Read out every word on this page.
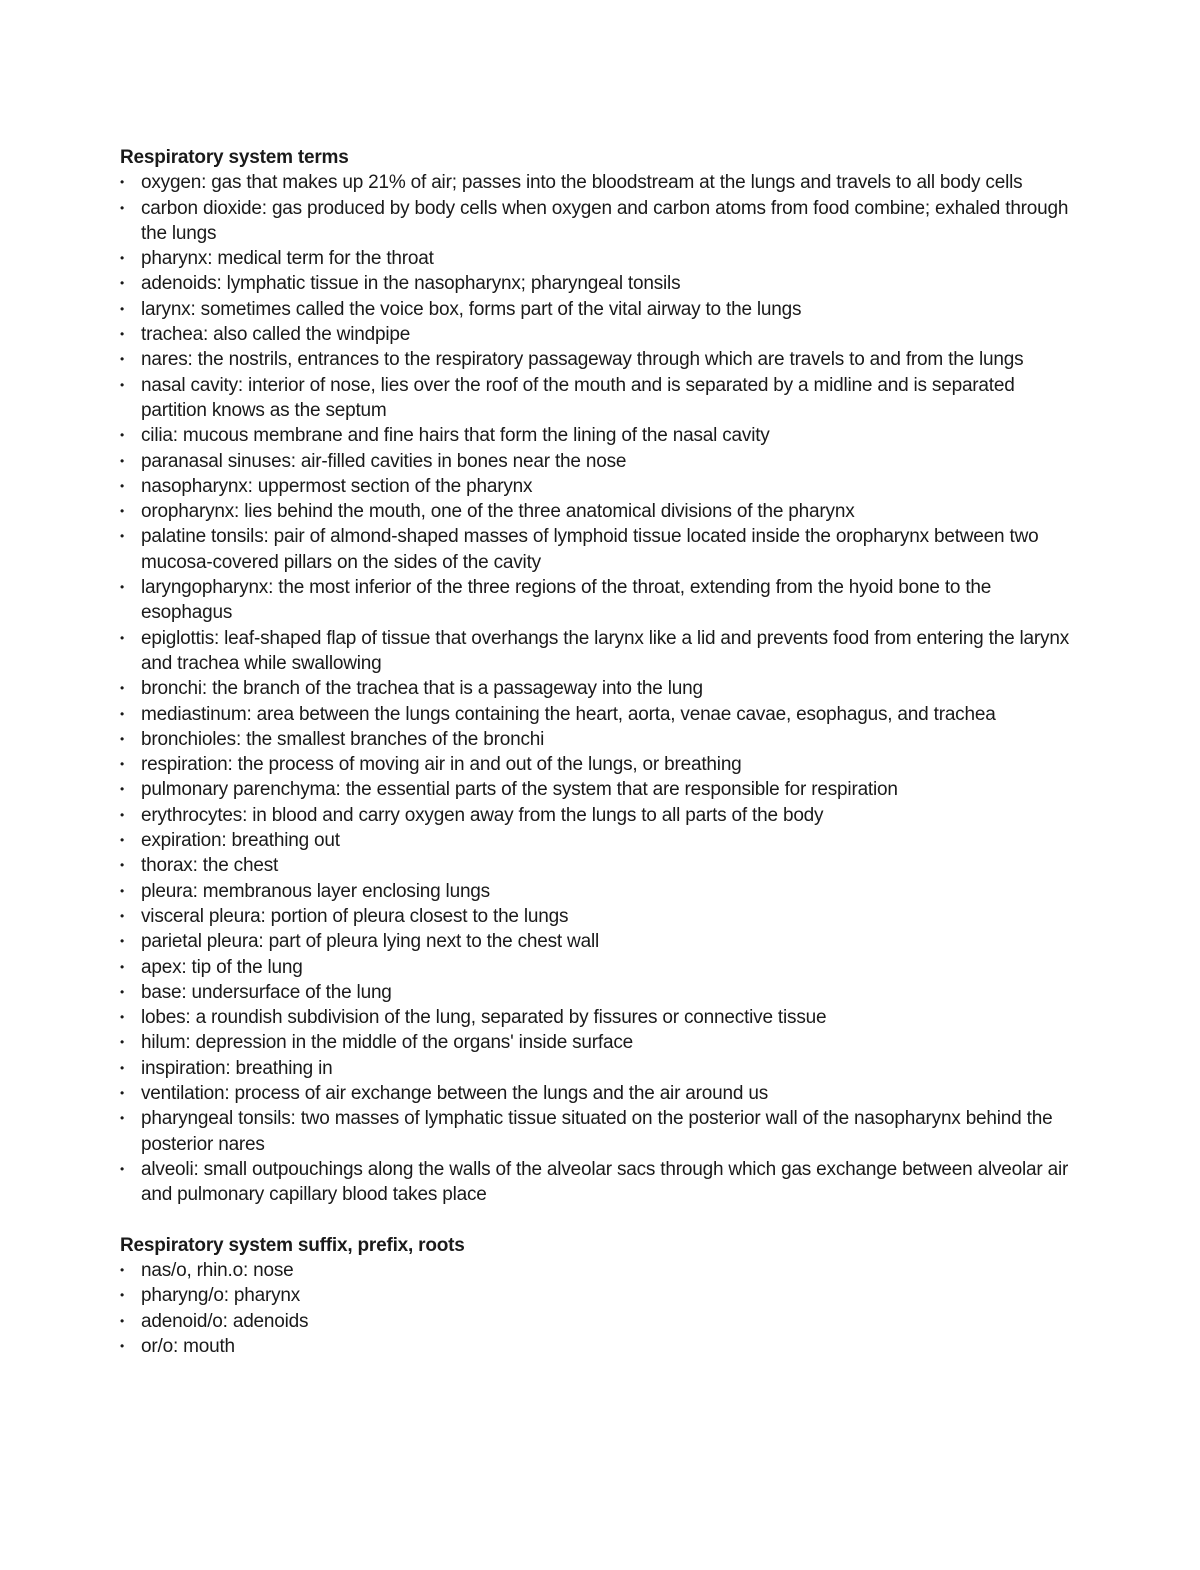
Respiratory system terms
• oxygen: gas that makes up 21% of air; passes into the bloodstream at the lungs and travels to all body cells
• carbon dioxide: gas produced by body cells when oxygen and carbon atoms from food combine; exhaled through the lungs
• pharynx: medical term for the throat
• adenoids: lymphatic tissue in the nasopharynx; pharyngeal tonsils
• larynx: sometimes called the voice box, forms part of the vital airway to the lungs
• trachea: also called the windpipe
• nares: the nostrils, entrances to the respiratory passageway through which are travels to and from the lungs
• nasal cavity: interior of nose, lies over the roof of the mouth and is separated by a midline and is separated partition knows as the septum
• cilia: mucous membrane and fine hairs that form the lining of the nasal cavity
• paranasal sinuses: air-filled cavities in bones near the nose
• nasopharynx: uppermost section of the pharynx
• oropharynx: lies behind the mouth, one of the three anatomical divisions of the pharynx
• palatine tonsils: pair of almond-shaped masses of lymphoid tissue located inside the oropharynx between two mucosa-covered pillars on the sides of the cavity
• laryngopharynx: the most inferior of the three regions of the throat, extending from the hyoid bone to the esophagus
• epiglottis: leaf-shaped flap of tissue that overhangs the larynx like a lid and prevents food from entering the larynx and trachea while swallowing
• bronchi: the branch of the trachea that is a passageway into the lung
• mediastinum: area between the lungs containing the heart, aorta, venae cavae, esophagus, and trachea
• bronchioles: the smallest branches of the bronchi
• respiration: the process of moving air in and out of the lungs, or breathing
• pulmonary parenchyma: the essential parts of the system that are responsible for respiration
• erythrocytes: in blood and carry oxygen away from the lungs to all parts of the body
• expiration: breathing out
• thorax: the chest
• pleura: membranous layer enclosing lungs
• visceral pleura: portion of pleura closest to the lungs
• parietal pleura: part of pleura lying next to the chest wall
• apex: tip of the lung
• base: undersurface of the lung
• lobes: a roundish subdivision of the lung, separated by fissures or connective tissue
• hilum: depression in the middle of the organs' inside surface
• inspiration: breathing in
• ventilation: process of air exchange between the lungs and the air around us
• pharyngeal tonsils: two masses of lymphatic tissue situated on the posterior wall of the nasopharynx behind the posterior nares
• alveoli: small outpouchings along the walls of the alveolar sacs through which gas exchange between alveolar air and pulmonary capillary blood takes place
Respiratory system suffix, prefix, roots
• nas/o, rhin.o: nose
• pharyng/o: pharynx
• adenoid/o: adenoids
• or/o: mouth
